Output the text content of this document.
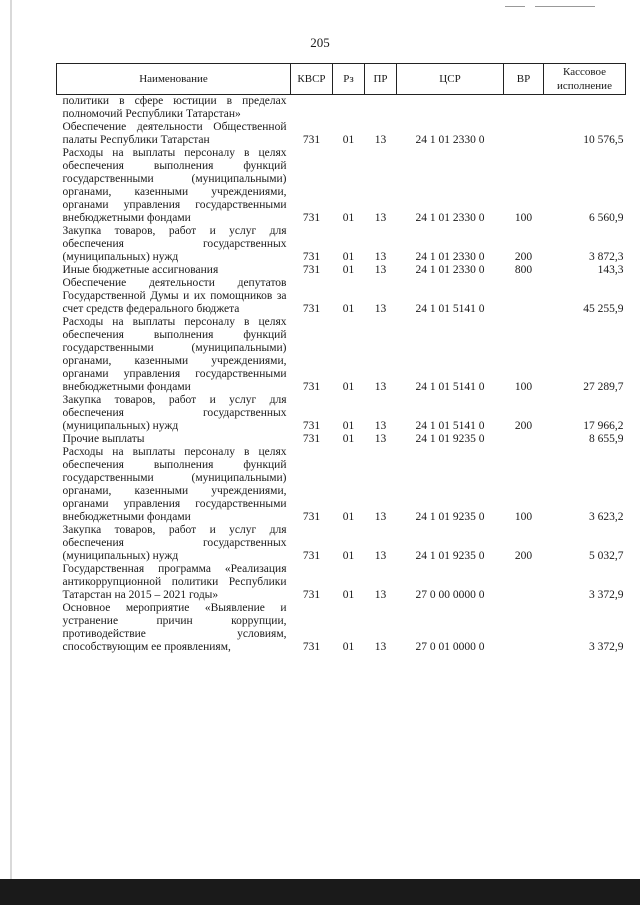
205
Наименование	КВСР	Рз	ПР	ЦСР	ВР	Кассовое исполнение
политики в сфере юстиции в пределах полномочий Республики Татарстан»						
Обеспечение деятельности Общественной палаты Республики Татарстан	731	01	13	24 1 01 2330 0		10 576,5
Расходы на выплаты персоналу в целях обеспечения выполнения функций государственными (муниципальными) органами, казенными учреждениями, органами управления государственными внебюджетными фондами	731	01	13	24 1 01 2330 0	100	6 560,9
Закупка товаров, работ и услуг для обеспечения государственных (муниципальных) нужд	731	01	13	24 1 01 2330 0	200	3 872,3
Иные бюджетные ассигнования	731	01	13	24 1 01 2330 0	800	143,3
Обеспечение деятельности депутатов Государственной Думы и их помощников за счет средств федерального бюджета	731	01	13	24 1 01 5141 0		45 255,9
Расходы на выплаты персоналу в целях обеспечения выполнения функций государственными (муниципальными) органами, казенными учреждениями, органами управления государственными внебюджетными фондами	731	01	13	24 1 01 5141 0	100	27 289,7
Закупка товаров, работ и услуг для обеспечения государственных (муниципальных) нужд	731	01	13	24 1 01 5141 0	200	17 966,2
Прочие выплаты	731	01	13	24 1 01 9235 0		8 655,9
Расходы на выплаты персоналу в целях обеспечения выполнения функций государственными (муниципальными) органами, казенными учреждениями, органами управления государственными внебюджетными фондами	731	01	13	24 1 01 9235 0	100	3 623,2
Закупка товаров, работ и услуг для обеспечения государственных (муниципальных) нужд	731	01	13	24 1 01 9235 0	200	5 032,7
Государственная программа «Реализация антикоррупционной политики Республики Татарстан на 2015 – 2021 годы»	731	01	13	27 0 00 0000 0		3 372,9
Основное мероприятие «Выявление и устранение причин коррупции, противодействие условиям, способствующим ее проявлениям,	731	01	13	27 0 01 0000 0		3 372,9
